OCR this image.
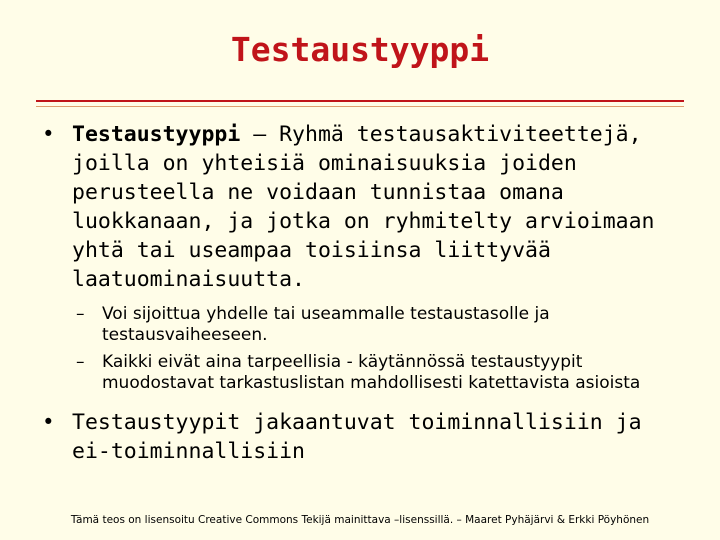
Testaustyyppi
• Testaustyyppi – Ryhmä testausaktiviteettejä, joilla on yhteisiä ominaisuuksia joiden perusteella ne voidaan tunnistaa omana luokkanaan, ja jotka on ryhmitelty arvioimaan yhtä tai useampaa toisiinsa liittyvää laatuominaisuutta.
– Voi sijoittua yhdelle tai useammalle testaustasolle ja testausvaiheeseen.
– Kaikki eivät aina tarpeellisia - käytännössä testaustyypit muodostavat tarkastuslistan mahdollisesti katettavista asioista
• Testaustyypit jakaantuvat toiminnallisiin ja ei-toiminnallisiin
Tämä teos on lisensoitu Creative Commons Tekijä mainittava –lisenssillä. – Maaret Pyhäjärvi & Erkki Pöyhönen
